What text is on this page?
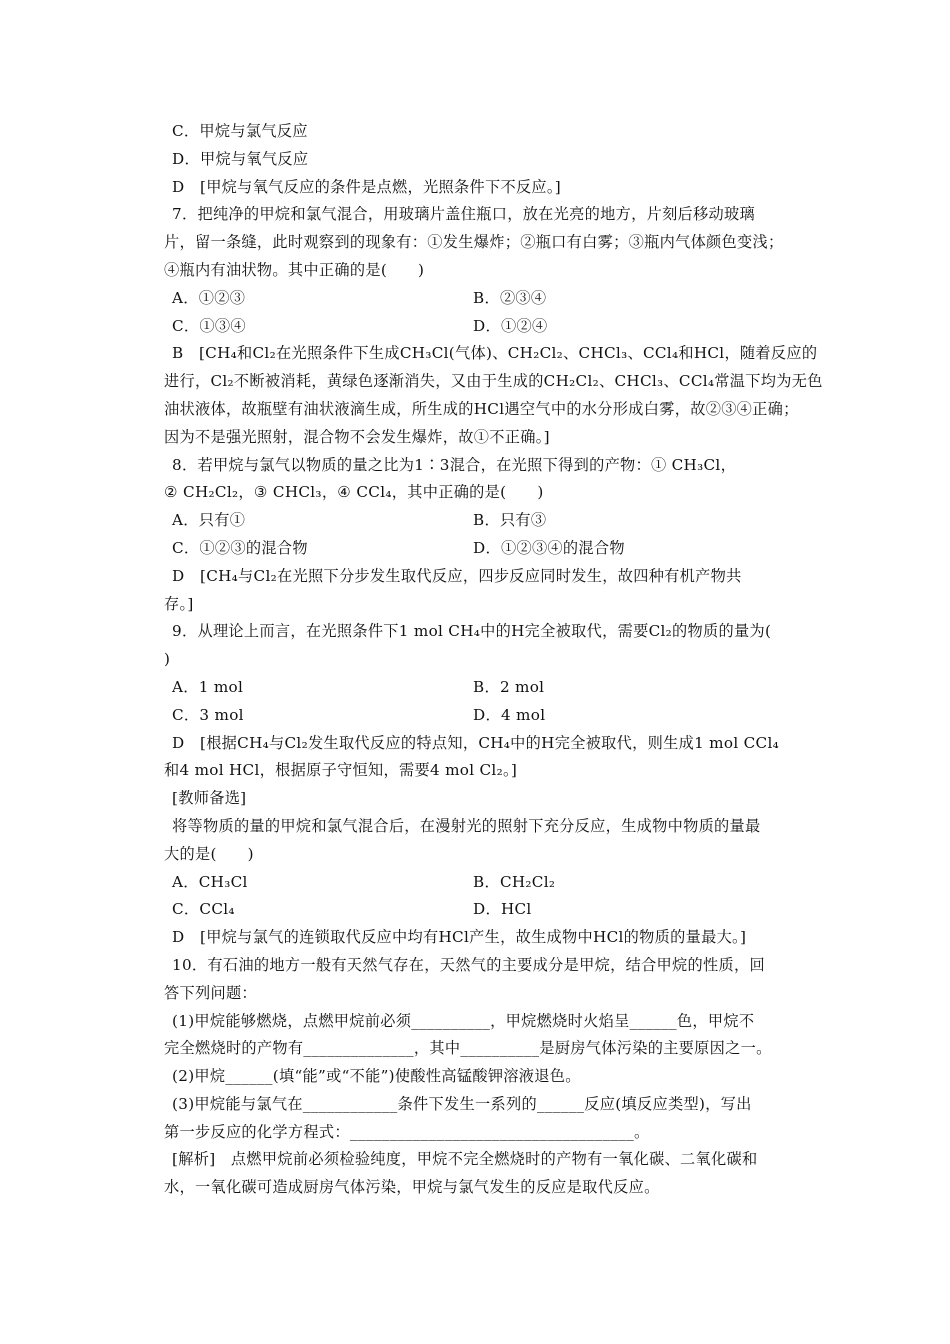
C．甲烷与氯气反应
D．甲烷与氧气反应
D　[甲烷与氧气反应的条件是点燃，光照条件下不反应。]
7．把纯净的甲烷和氯气混合，用玻璃片盖住瓶口，放在光亮的地方，片刻后移动玻璃
片，留一条缝，此时观察到的现象有：①发生爆炸；②瓶口有白雾；③瓶内气体颜色变浅；
④瓶内有油状物。其中正确的是(　　)
A．①②③	B．②③④
C．①③④	D．①②④
B　[CH₄和Cl₂在光照条件下生成CH₃Cl(气体)、CH₂Cl₂、CHCl₃、CCl₄和HCl，随着反应的
进行，Cl₂不断被消耗，黄绿色逐渐消失，又由于生成的CH₂Cl₂、CHCl₃、CCl₄常温下均为无色
油状液体，故瓶壁有油状液滴生成，所生成的HCl遇空气中的水分形成白雾，故②③④正确；
因为不是强光照射，混合物不会发生爆炸，故①不正确。]
8．若甲烷与氯气以物质的量之比为1∶3混合，在光照下得到的产物：① CH₃Cl，
② CH₂Cl₂，③ CHCl₃，④ CCl₄，其中正确的是(　　)
A．只有①	B．只有③
C．①②③的混合物	D．①②③④的混合物
D　[CH₄与Cl₂在光照下分步发生取代反应，四步反应同时发生，故四种有机产物共
存。]
9．从理论上而言，在光照条件下1 mol CH₄中的H完全被取代，需要Cl₂的物质的量为(
)
A．1 mol	B．2 mol
C．3 mol	D．4 mol
D　[根据CH₄与Cl₂发生取代反应的特点知，CH₄中的H完全被取代，则生成1 mol CCl₄
和4 mol HCl，根据原子守恒知，需要4 mol Cl₂。]
[教师备选]
将等物质的量的甲烷和氯气混合后，在漫射光的照射下充分反应，生成物中物质的量最
大的是(　　)
A．CH₃Cl	B．CH₂Cl₂
C．CCl₄	D．HCl
D　[甲烷与氯气的连锁取代反应中均有HCl产生，故生成物中HCl的物质的量最大。]
10．有石油的地方一般有天然气存在，天然气的主要成分是甲烷，结合甲烷的性质，回
答下列问题：
(1)甲烷能够燃烧，点燃甲烷前必须__________，甲烷燃烧时火焰呈______色，甲烷不
完全燃烧时的产物有______________，其中__________是厨房气体污染的主要原因之一。
(2)甲烷______(填“能”或“不能”)使酸性高锰酸钾溶液退色。
(3)甲烷能与氯气在____________条件下发生一系列的______反应(填反应类型)，写出
第一步反应的化学方程式：____________________________________。
[解析]　点燃甲烷前必须检验纯度，甲烷不完全燃烧时的产物有一氧化碳、二氧化碳和
水，一氧化碳可造成厨房气体污染，甲烷与氯气发生的反应是取代反应。
